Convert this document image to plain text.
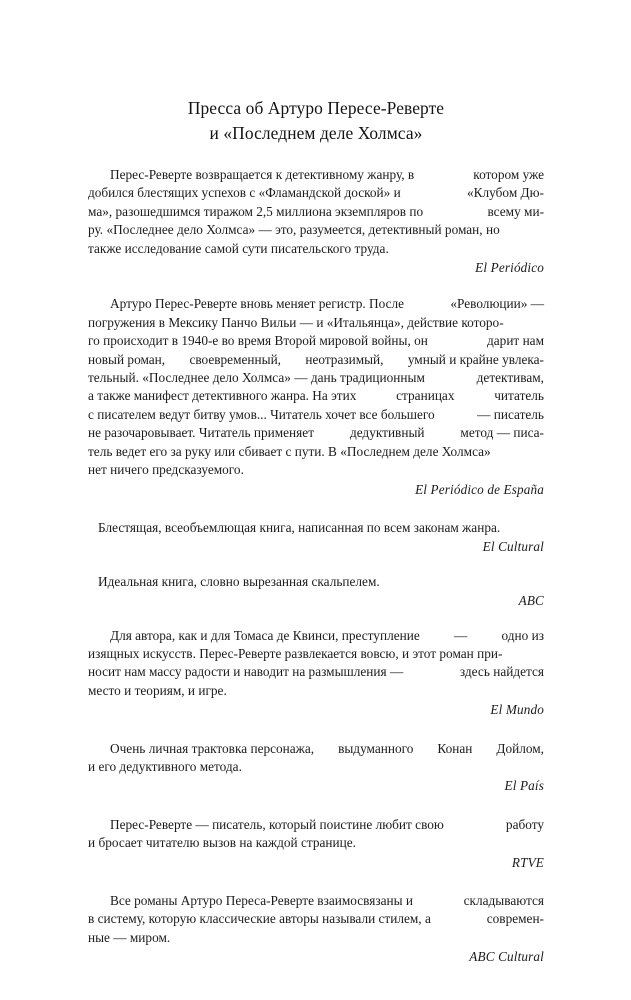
Пресса об Артуро Пересе-Реверте
и «Последнем деле Холмса»

Перес-Реверте возвращается к детективному жанру, в	котором уже
добился блестящих успехов с «Фламандской доской» и	«Клубом Дю-
ма», разошедшимся тиражом 2,5 миллиона экземпляров по	всему ми-
ру. «Последнее дело Холмса» — это, разумеется, детективный роман, но
также исследование самой сути писательского труда.

El Periódico

Артуро Перес-Реверте вновь меняет регистр. После	«Революции» —
погружения в Мексику Панчо Вильи — и «Итальянца», действие которо-
го происходит в 1940-е во время Второй мировой войны, он	дарит нам
новый роман, своевременный, неотразимый, умный и крайне увлека-
тельный. «Последнее дело Холмса» — дань традиционным	детективам,
а также манифест детективного жанра. На этих	страницах	читатель
с писателем ведут битву умов... Читатель хочет все большего	— писатель
не разочаровывает. Читатель применяет	дедуктивный	метод — писа-
тель ведет его за руку или сбивает с пути. В «Последнем деле Холмса»
нет ничего предсказуемого.

El Periódico de España

Блестящая, всеобъемлющая книга, написанная по всем законам жанра.

El Cultural

Идеальная книга, словно вырезанная скальпелем.

ABC

Для автора, как и для Томаса де Квинси, преступление	—	одно из
изящных искусств. Перес-Реверте развлекается вовсю, и этот роман при-
носит нам массу радости и наводит на размышления —	здесь найдется
место и теориям, и игре.

El Mundo

Очень личная трактовка персонажа, выдуманного Конан Дойлом,
и его дедуктивного метода.

El País

Перес-Реверте — писатель, который поистине любит свою	работу
и бросает читателю вызов на каждой странице.

RTVE

Все романы Артуро Переса-Реверте взаимосвязаны и	складываются
в систему, которую классические авторы называли стилем, а	современ-
ные — миром.

ABC Cultural
